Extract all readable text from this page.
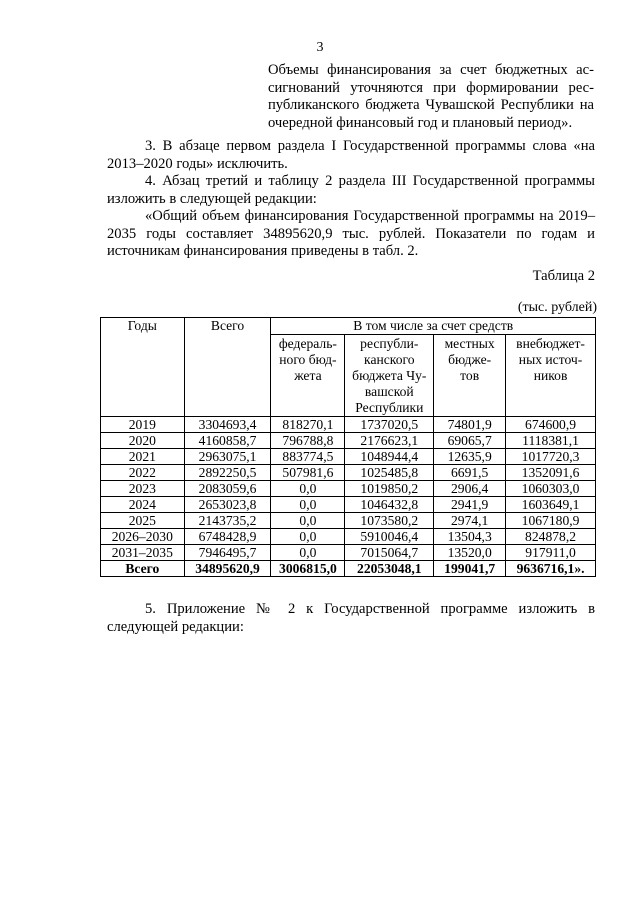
3
Объемы финансирования за счет бюджетных ас-
сигнований уточняются при формировании рес-
публиканского бюджета Чувашской Республики на
очередной финансовый год и плановый период».
3. В абзаце первом раздела I Государственной программы слова «на 2013–2020 годы» исключить.
4. Абзац третий и таблицу 2 раздела III Государственной программы изложить в следующей редакции:
«Общий объем финансирования Государственной программы на 2019–2035 годы составляет 34895620,9 тыс. рублей. Показатели по годам и источникам финансирования приведены в табл. 2.
Таблица 2
(тыс. рублей)
Годы	Всего	В том числе за счет средств			
		федераль-
ного бюд-
жета	республи-
канского
бюджета Чу-
вашской
Республики	местных
бюдже-
тов	внебюджет-
ных источ-
ников
2019	3304693,4	818270,1	1737020,5	74801,9	674600,9
2020	4160858,7	796788,8	2176623,1	69065,7	1118381,1
2021	2963075,1	883774,5	1048944,4	12635,9	1017720,3
2022	2892250,5	507981,6	1025485,8	6691,5	1352091,6
2023	2083059,6	0,0	1019850,2	2906,4	1060303,0
2024	2653023,8	0,0	1046432,8	2941,9	1603649,1
2025	2143735,2	0,0	1073580,2	2974,1	1067180,9
2026–2030	6748428,9	0,0	5910046,4	13504,3	824878,2
2031–2035	7946495,7	0,0	7015064,7	13520,0	917911,0
Всего	34895620,9	3006815,0	22053048,1	199041,7	9636716,1».
5. Приложение № 2 к Государственной программе изложить в следующей редакции:
